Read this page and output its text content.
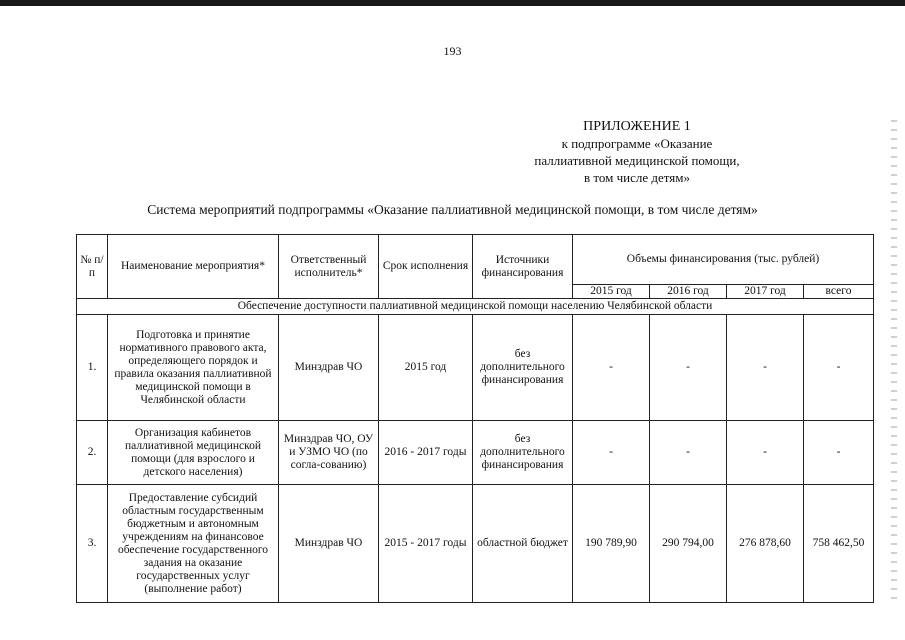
193
ПРИЛОЖЕНИЕ 1
к подпрограмме «Оказание
паллиативной медицинской помощи,
в том числе детям»
Система мероприятий подпрограммы «Оказание паллиативной медицинской помощи, в том числе детям»
№ п/п	Наименование мероприятия*	Ответственный исполнитель*	Срок исполнения	Источники финансирования	Объемы финансирования (тыс. рублей)			
					2015 год	2016 год	2017 год	всего
Обеспечение доступности паллиативной медицинской помощи населению Челябинской области								
1.	Подготовка и принятие нормативного правового акта, определяющего порядок и правила оказания паллиативной медицинской помощи в Челябинской области	Минздрав ЧО	2015 год	без дополнительного финансирования	-	-	-	-
2.	Организация кабинетов паллиативной медицинской помощи (для взрослого и детского населения)	Минздрав ЧО, ОУ и УЗМО ЧО (по согла-сованию)	2016 - 2017 годы	без дополнительного финансирования	-	-	-	-
3.	Предоставление субсидий областным государственным бюджетным и автономным учреждениям на финансовое обеспечение государственного задания на оказание государственных услуг (выполнение работ)	Минздрав ЧО	2015 - 2017 годы	областной бюджет	190 789,90	290 794,00	276 878,60	758 462,50
